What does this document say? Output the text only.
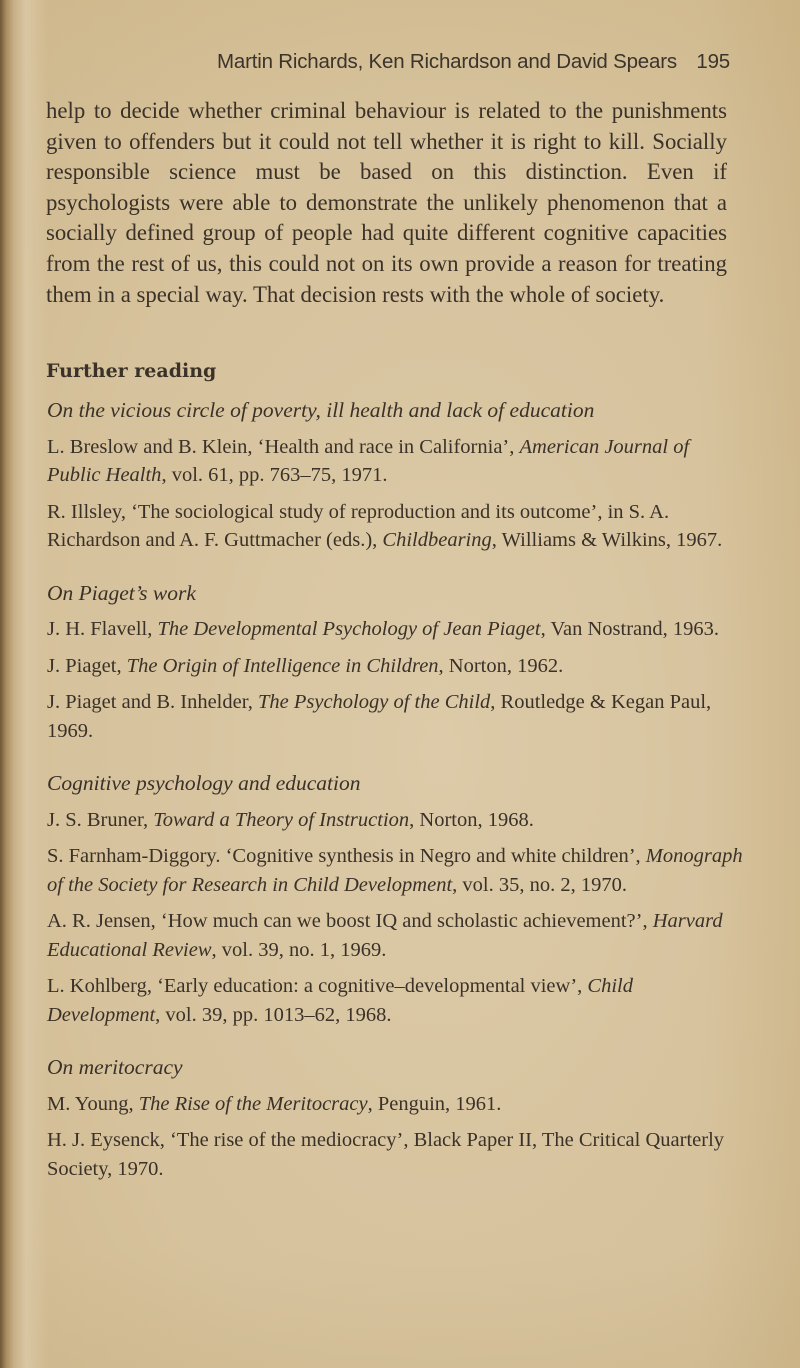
Martin Richards, Ken Richardson and David Spears 195
help to decide whether criminal behaviour is related to the punishments given to offenders but it could not tell whether it is right to kill. Socially responsible science must be based on this distinction. Even if psychologists were able to demonstrate the unlikely phenomenon that a socially defined group of people had quite different cognitive capacities from the rest of us, this could not on its own provide a reason for treating them in a special way. That decision rests with the whole of society.
Further reading
On the vicious circle of poverty, ill health and lack of education
L. Breslow and B. Klein, ‘Health and race in California’, American Journal of Public Health, vol. 61, pp. 763–75, 1971.
R. Illsley, ‘The sociological study of reproduction and its outcome’, in S. A. Richardson and A. F. Guttmacher (eds.), Childbearing, Williams & Wilkins, 1967.
On Piaget’s work
J. H. Flavell, The Developmental Psychology of Jean Piaget, Van Nostrand, 1963.
J. Piaget, The Origin of Intelligence in Children, Norton, 1962.
J. Piaget and B. Inhelder, The Psychology of the Child, Routledge & Kegan Paul, 1969.
Cognitive psychology and education
J. S. Bruner, Toward a Theory of Instruction, Norton, 1968.
S. Farnham-Diggory. ‘Cognitive synthesis in Negro and white children’, Monograph of the Society for Research in Child Development, vol. 35, no. 2, 1970.
A. R. Jensen, ‘How much can we boost IQ and scholastic achievement?’, Harvard Educational Review, vol. 39, no. 1, 1969.
L. Kohlberg, ‘Early education: a cognitive–developmental view’, Child Development, vol. 39, pp. 1013–62, 1968.
On meritocracy
M. Young, The Rise of the Meritocracy, Penguin, 1961.
H. J. Eysenck, ‘The rise of the mediocracy’, Black Paper II, The Critical Quarterly Society, 1970.
